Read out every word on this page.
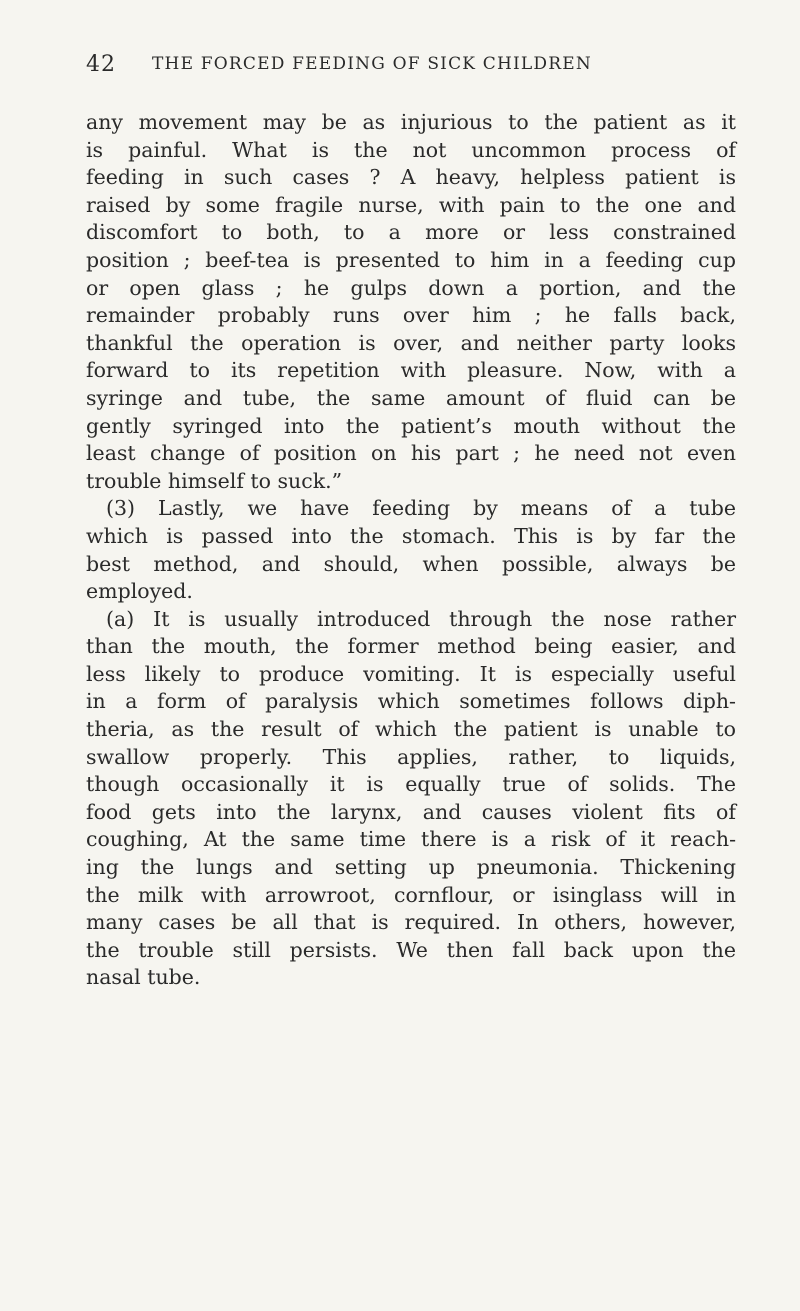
42 THE FORCED FEEDING OF SICK CHILDREN
any movement may be as injurious to the patient as it
is painful. What is the not uncommon process of
feeding in such cases ? A heavy, helpless patient is
raised by some fragile nurse, with pain to the one and
discomfort to both, to a more or less constrained
position ; beef-tea is presented to him in a feeding cup
or open glass ; he gulps down a portion, and the
remainder probably runs over him ; he falls back,
thankful the operation is over, and neither party looks
forward to its repetition with pleasure. Now, with a
syringe and tube, the same amount of fluid can be
gently syringed into the patient’s mouth without the
least change of position on his part ; he need not even
trouble himself to suck.”
(3) Lastly, we have feeding by means of a tube
which is passed into the stomach. This is by far the
best method, and should, when possible, always be
employed.
(a) It is usually introduced through the nose rather
than the mouth, the former method being easier, and
less likely to produce vomiting. It is especially useful
in a form of paralysis which sometimes follows diph-
theria, as the result of which the patient is unable to
swallow properly. This applies, rather, to liquids,
though occasionally it is equally true of solids. The
food gets into the larynx, and causes violent fits of
coughing, At the same time there is a risk of it reach-
ing the lungs and setting up pneumonia. Thickening
the milk with arrowroot, cornflour, or isinglass will in
many cases be all that is required. In others, however,
the trouble still persists. We then fall back upon the
nasal tube.
